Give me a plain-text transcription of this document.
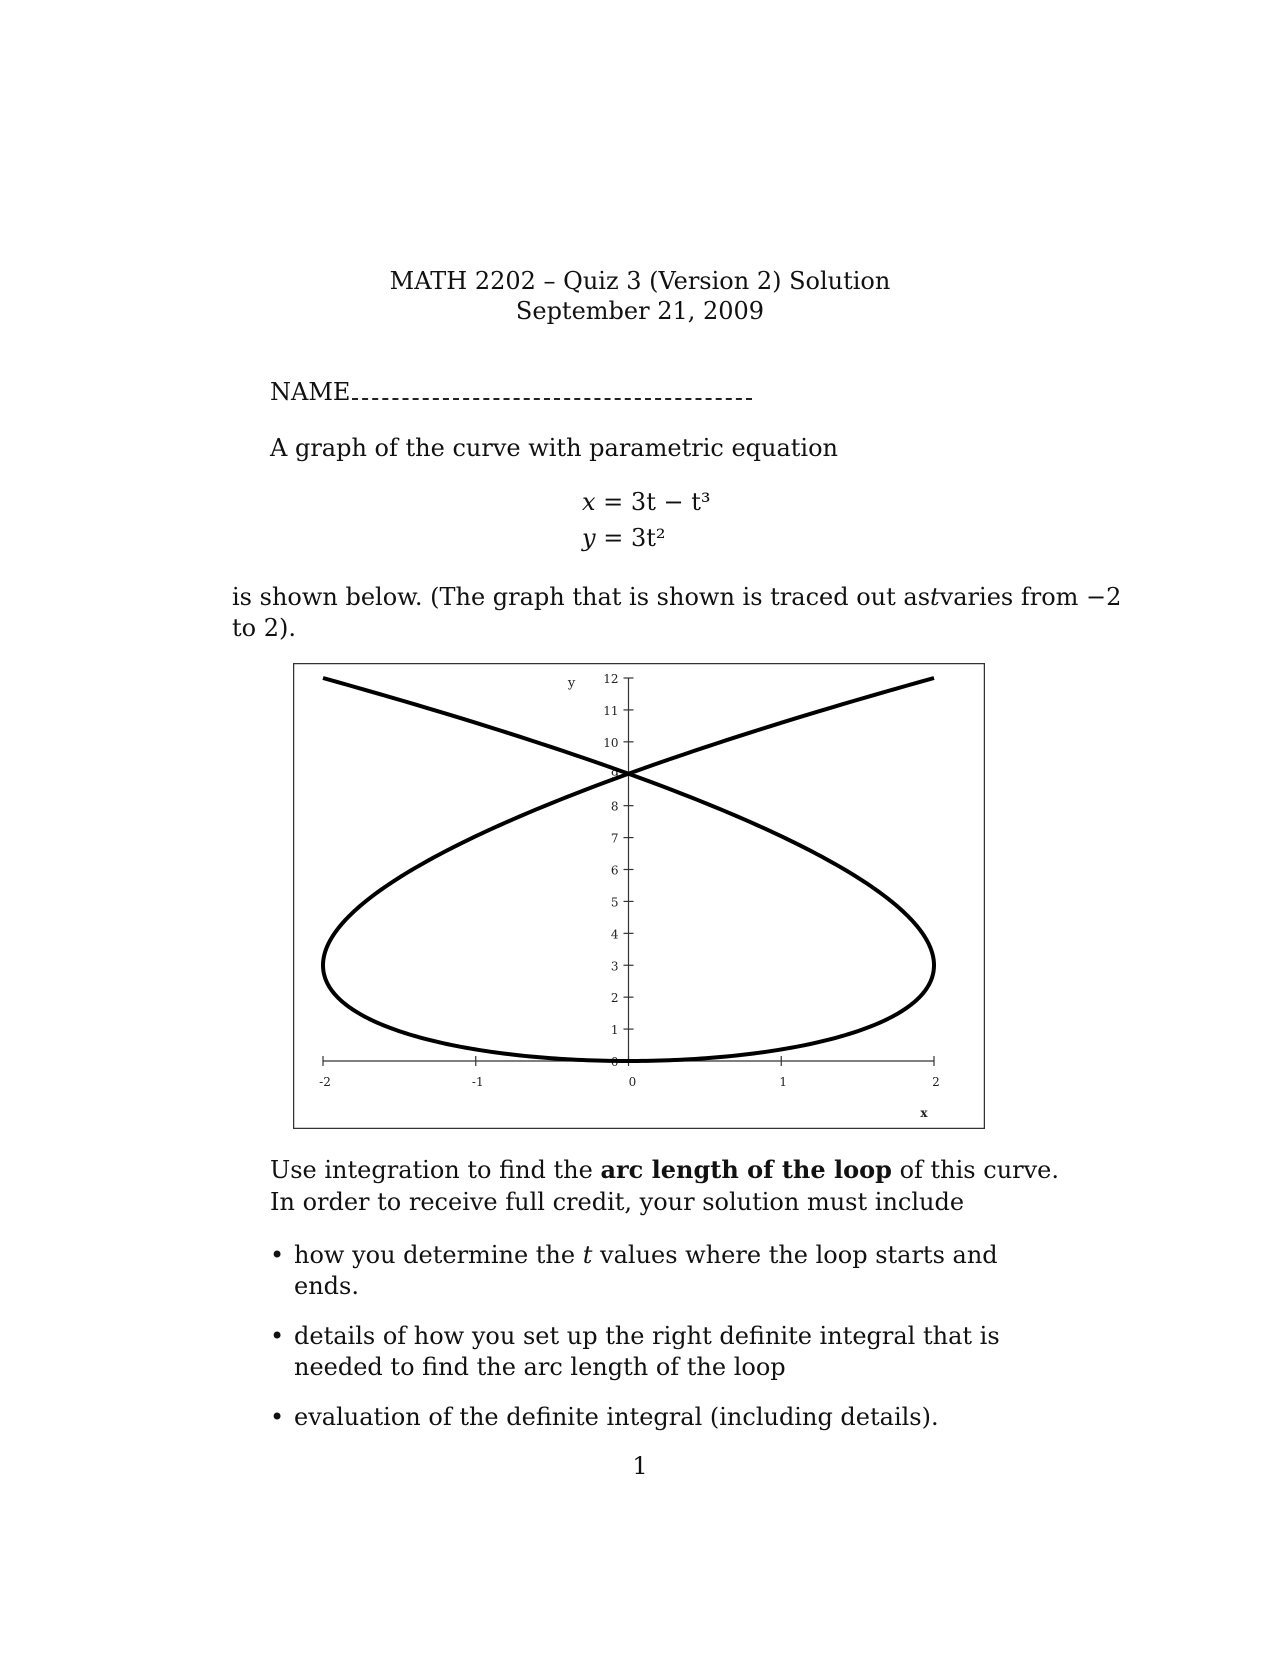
MATH 2202 – Quiz 3 (Version 2) Solution
September 21, 2009
NAME
A graph of the curve with parametric equation
x = 3t − t³
y = 3t²
is shown below. (The graph that is shown is traced out as t varies from −2
to 2).
-2	-1	0	1	2
x
0
1
2
3
4
5
6
7
8
9
10
11
12
y
Use integration to find the arc length of the loop of this curve.
In order to receive full credit, your solution must include
• how you determine the t values where the loop starts and ends.
• details of how you set up the right definite integral that is needed to find the arc length of the loop
• evaluation of the definite integral (including details).
1
